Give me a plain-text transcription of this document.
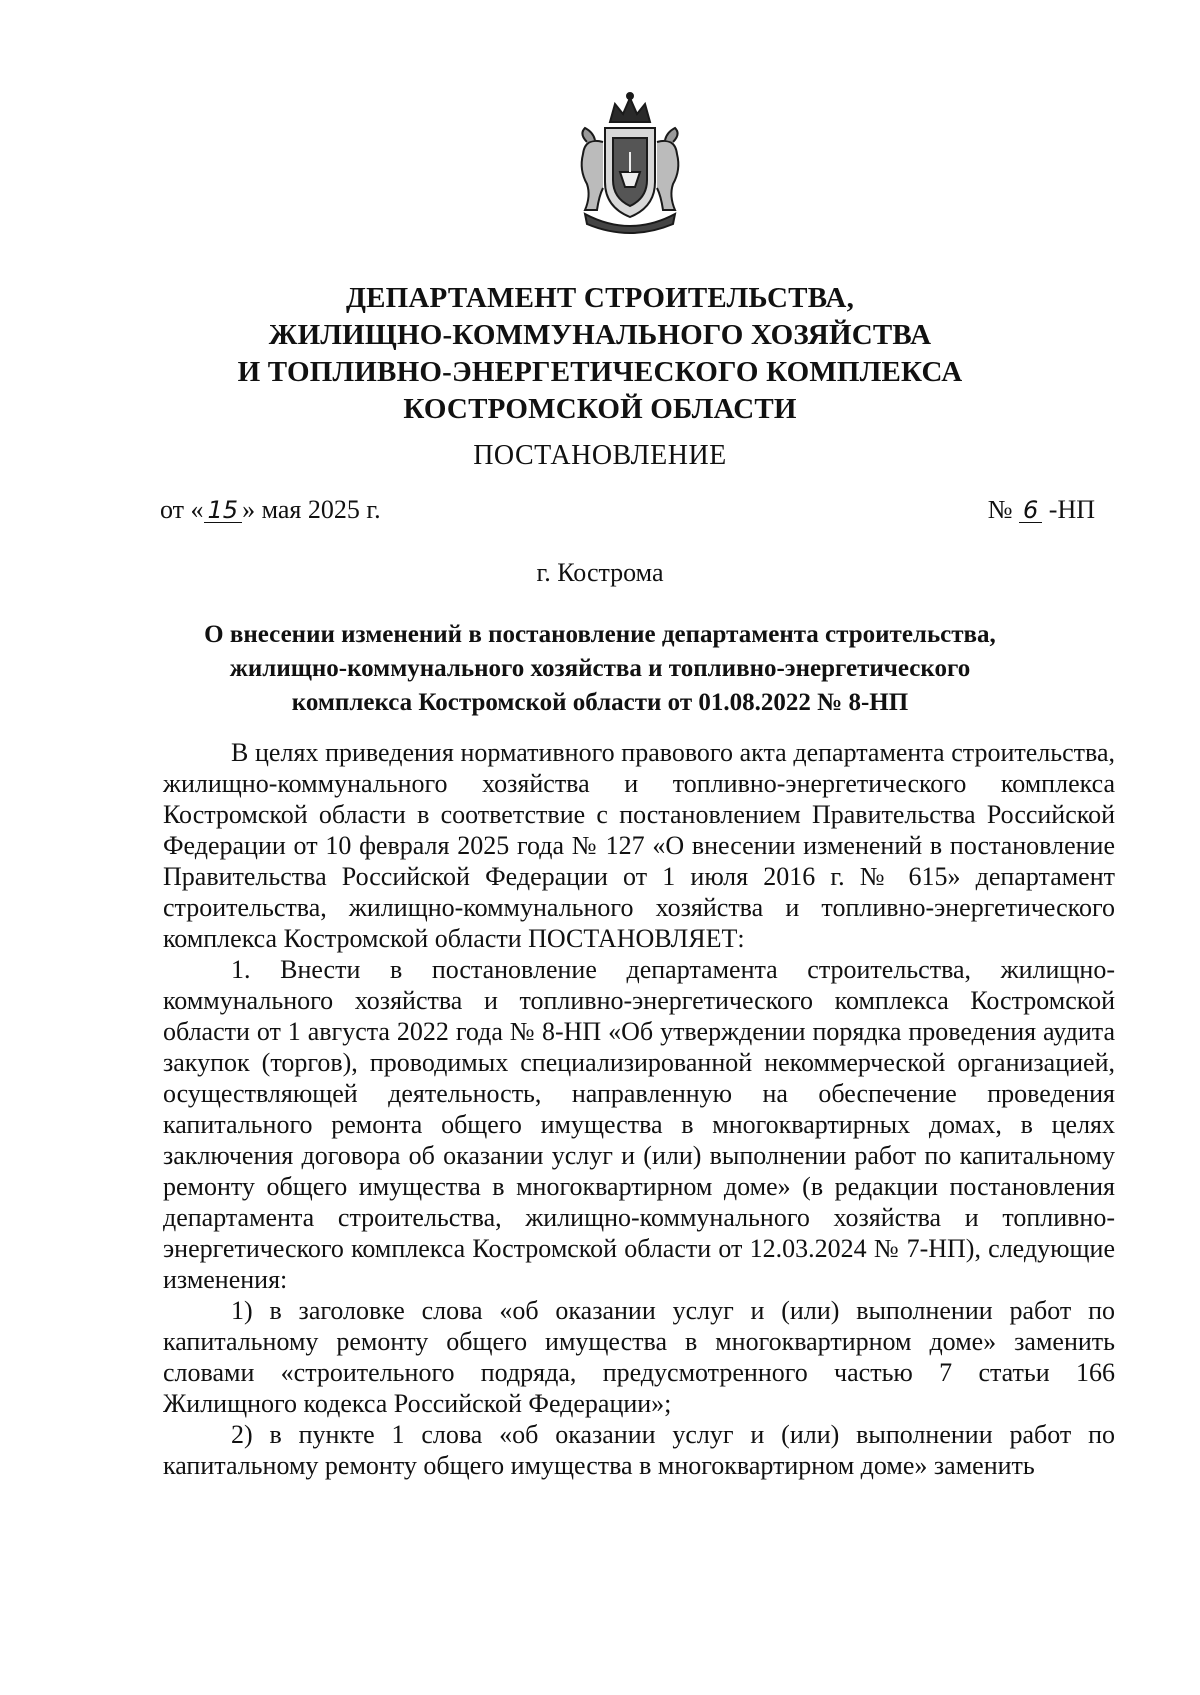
ДЕПАРТАМЕНТ СТРОИТЕЛЬСТВА,
ЖИЛИЩНО-КОММУНАЛЬНОГО ХОЗЯЙСТВА
И ТОПЛИВНО-ЭНЕРГЕТИЧЕСКОГО КОМПЛЕКСА
КОСТРОМСКОЙ ОБЛАСТИ
ПОСТАНОВЛЕНИЕ
от « 15 » мая 2025 г.	№ 6 -НП
г. Кострома
О внесении изменений в постановление департамента строительства,
жилищно-коммунального хозяйства и топливно-энергетического
комплекса Костромской области от 01.08.2022 № 8-НП

В целях приведения нормативного правового акта департамента строительства, жилищно-коммунального хозяйства и топливно-энергетического комплекса Костромской области в соответствие с постановлением Правительства Российской Федерации от 10 февраля 2025 года № 127 «О внесении изменений в постановление Правительства Российской Федерации от 1 июля 2016 г. № 615» департамент строительства, жилищно-коммунального хозяйства и топливно-энергетического комплекса Костромской области ПОСТАНОВЛЯЕТ:

1. Внести в постановление департамента строительства, жилищно-коммунального хозяйства и топливно-энергетического комплекса Костромской области от 1 августа 2022 года № 8-НП «Об утверждении порядка проведения аудита закупок (торгов), проводимых специализированной некоммерческой организацией, осуществляющей деятельность, направленную на обеспечение проведения капитального ремонта общего имущества в многоквартирных домах, в целях заключения договора об оказании услуг и (или) выполнении работ по капитальному ремонту общего имущества в многоквартирном доме» (в редакции постановления департамента строительства, жилищно-коммунального хозяйства и топливно-энергетического комплекса Костромской области от 12.03.2024 № 7-НП), следующие изменения:

1) в заголовке слова «об оказании услуг и (или) выполнении работ по капитальному ремонту общего имущества в многоквартирном доме» заменить словами «строительного подряда, предусмотренного частью 7 статьи 166 Жилищного кодекса Российской Федерации»;

2) в пункте 1 слова «об оказании услуг и (или) выполнении работ по капитальному ремонту общего имущества в многоквартирном доме» заменить
